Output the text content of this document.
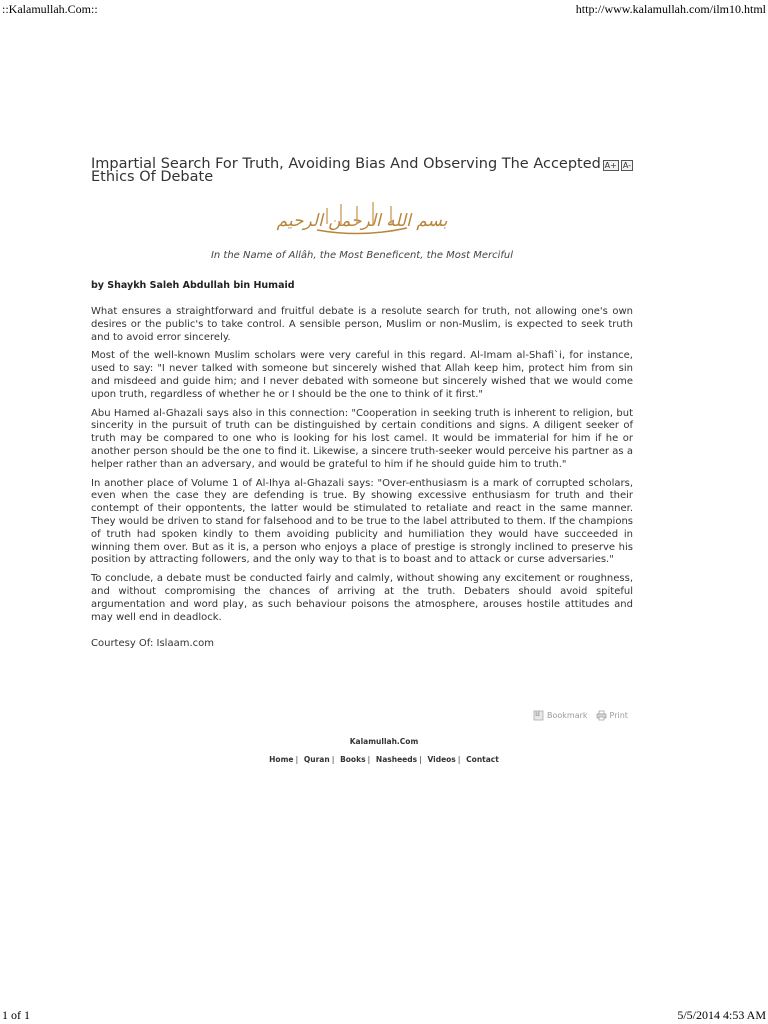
::Kalamullah.Com::	http://www.kalamullah.com/ilm10.html
Impartial Search For Truth, Avoiding Bias And Observing The Accepted Ethics Of Debate
A+ A-
بسم الله الرحمن الرحيم

In the Name of Allâh, the Most Beneficent, the Most Merciful

by Shaykh Saleh Abdullah bin Humaid

What ensures a straightforward and fruitful debate is a resolute search for truth, not allowing one's own desires or the public's to take control. A sensible person, Muslim or non-Muslim, is expected to seek truth and to avoid error sincerely.

Most of the well-known Muslim scholars were very careful in this regard. Al-Imam al-Shafi`i, for instance, used to say: "I never talked with someone but sincerely wished that Allah keep him, protect him from sin and misdeed and guide him; and I never debated with someone but sincerely wished that we would come upon truth, regardless of whether he or I should be the one to think of it first."

Abu Hamed al-Ghazali says also in this connection: "Cooperation in seeking truth is inherent to religion, but sincerity in the pursuit of truth can be distinguished by certain conditions and signs. A diligent seeker of truth may be compared to one who is looking for his lost camel. It would be immaterial for him if he or another person should be the one to find it. Likewise, a sincere truth-seeker would perceive his partner as a helper rather than an adversary, and would be grateful to him if he should guide him to truth."

In another place of Volume 1 of Al-Ihya al-Ghazali says: "Over-enthusiasm is a mark of corrupted scholars, even when the case they are defending is true. By showing excessive enthusiasm for truth and their contempt of their oppontents, the latter would be stimulated to retaliate and react in the same manner. They would be driven to stand for falsehood and to be true to the label attributed to them. If the champions of truth had spoken kindly to them avoiding publicity and humiliation they would have succeeded in winning them over. But as it is, a person who enjoys a place of prestige is strongly inclined to preserve his position by attracting followers, and the only way to that is to boast and to attack or curse adversaries."

To conclude, a debate must be conducted fairly and calmly, without showing any excitement or roughness, and without compromising the chances of arriving at the truth. Debaters should avoid spiteful argumentation and word play, as such behaviour poisons the atmosphere, arouses hostile attitudes and may well end in deadlock.

Courtesy Of: Islaam.com

Bookmark	Print
Kalamullah.Com
Home | Quran | Books | Nasheeds | Videos | Contact
1 of 1	5/5/2014 4:53 AM
